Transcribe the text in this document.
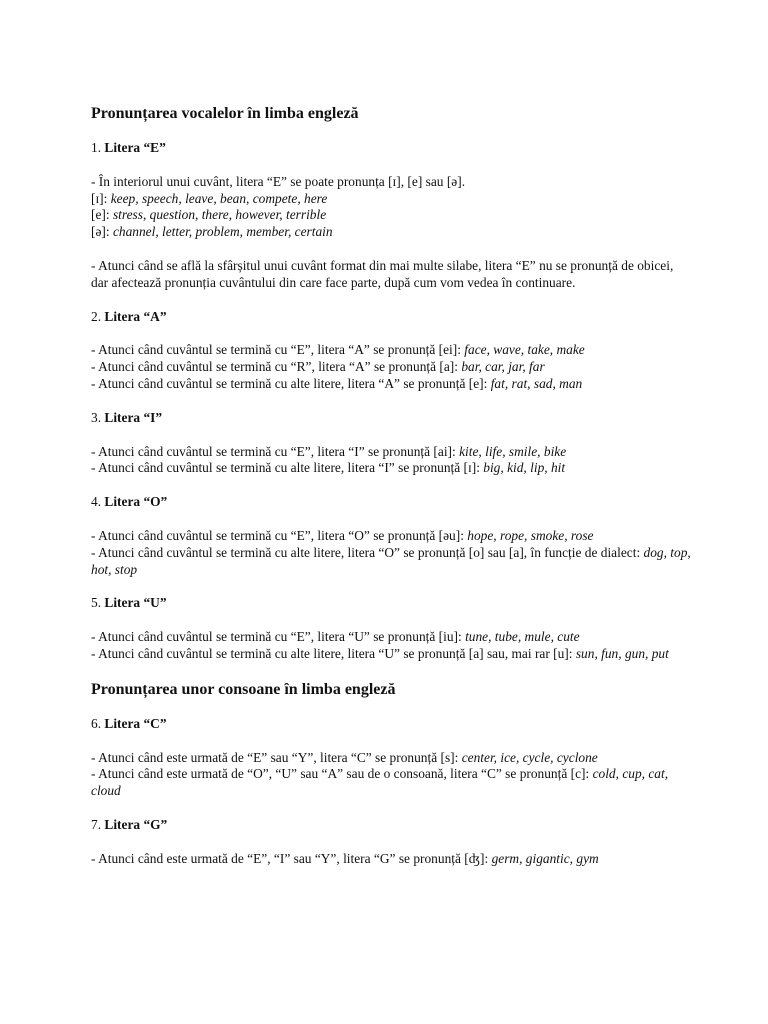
Pronunțarea vocalelor în limba engleză
1. Litera “E”
- În interiorul unui cuvânt, litera “E” se poate pronunța [ɪ], [e] sau [ə].
[ɪ]: keep, speech, leave, bean, compete, here
[e]: stress, question, there, however, terrible
[ə]: channel, letter, problem, member, certain
- Atunci când se află la sfârșitul unui cuvânt format din mai multe silabe, litera “E” nu se pronunță de obicei, dar afectează pronunția cuvântului din care face parte, după cum vom vedea în continuare.
2. Litera “A”
- Atunci când cuvântul se termină cu “E”, litera “A” se pronunță [ei]: face, wave, take, make
- Atunci când cuvântul se termină cu “R”, litera “A” se pronunță [a]: bar, car, jar, far
- Atunci când cuvântul se termină cu alte litere, litera “A” se pronunță [e]: fat, rat, sad, man
3. Litera “I”
- Atunci când cuvântul se termină cu “E”, litera “I” se pronunță [ai]: kite, life, smile, bike
- Atunci când cuvântul se termină cu alte litere, litera “I” se pronunță [ɪ]: big, kid, lip, hit
4. Litera “O”
- Atunci când cuvântul se termină cu “E”, litera “O” se pronunță [əu]: hope, rope, smoke, rose
- Atunci când cuvântul se termină cu alte litere, litera “O” se pronunță [o] sau [a], în funcție de dialect: dog, top, hot, stop
5. Litera “U”
- Atunci când cuvântul se termină cu “E”, litera “U” se pronunță [iu]: tune, tube, mule, cute
- Atunci când cuvântul se termină cu alte litere, litera “U” se pronunță [a] sau, mai rar [u]: sun, fun, gun, put
Pronunțarea unor consoane în limba engleză
6. Litera “C”
- Atunci când este urmată de “E” sau “Y”, litera “C” se pronunță [s]: center, ice, cycle, cyclone
- Atunci când este urmată de “O”, “U” sau “A” sau de o consoană, litera “C” se pronunță [c]: cold, cup, cat, cloud
7. Litera “G”
- Atunci când este urmată de “E”, “I” sau “Y”, litera “G” se pronunță [ʤ]: germ, gigantic, gym
